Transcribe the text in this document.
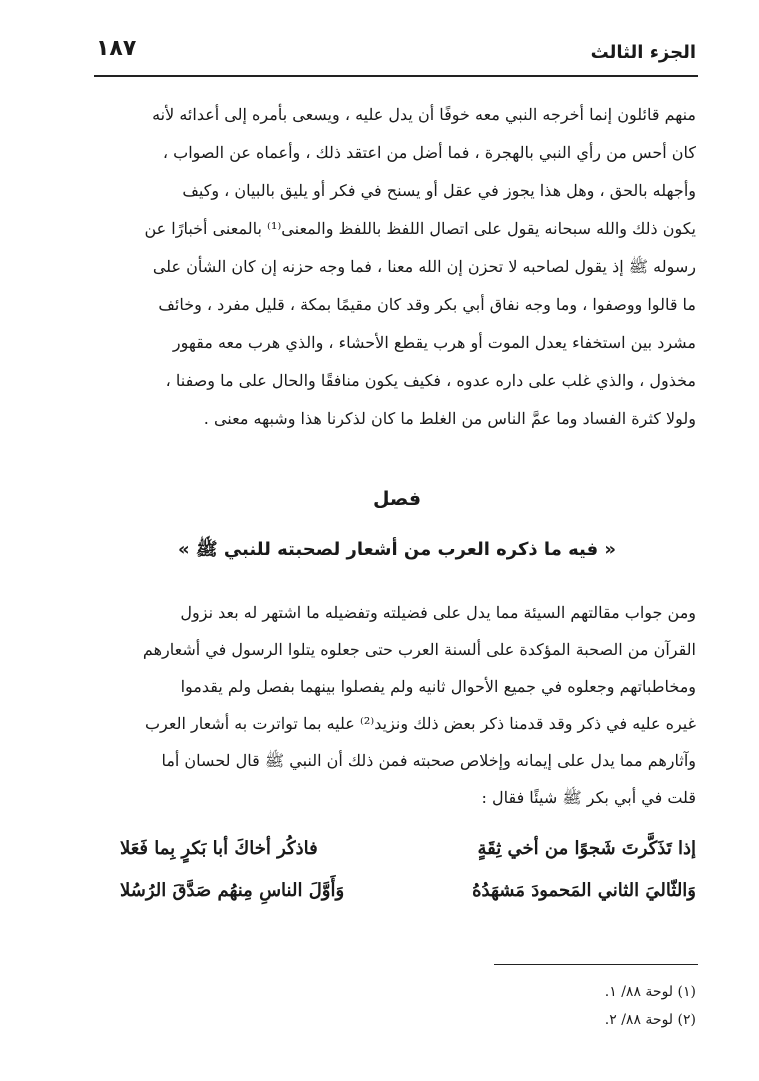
الجزء الثالث
١٨٧
منهم قائلون إنما أخرجه النبي معه خوفًا أن يدل عليه ، ويسعى بأمره إلى أعدائه لأنه
كان أحس من رأي النبي بالهجرة ، فما أضل من اعتقد ذلك ، وأعماه عن الصواب ،
وأجهله بالحق ، وهل هذا يجوز في عقل أو يسنح في فكر أو يليق بالبيان ، وكيف
يكون ذلك والله سبحانه يقول على اتصال اللفظ باللفظ والمعنى⁽¹⁾ بالمعنى أخبارًا عن
رسوله ﷺ إذ يقول لصاحبه لا تحزن إن الله معنا ، فما وجه حزنه إن كان الشأن على
ما قالوا ووصفوا ، وما وجه نفاق أبي بكر وقد كان مقيمًا بمكة ، قليل مفرد ، وخائف
مشرد بين استخفاء يعدل الموت أو هرب يقطع الأحشاء ، والذي هرب معه مقهور
مخذول ، والذي غلب على داره عدوه ، فكيف يكون منافقًا والحال على ما وصفنا ،
ولولا كثرة الفساد وما عمَّ الناس من الغلط ما كان لذكرنا هذا وشبهه معنى .
فصل
« فيه ما ذكره العرب من أشعار لصحبته للنبي ﷺ »
ومن جواب مقالتهم السيئة مما يدل على فضيلته وتفضيله ما اشتهر له بعد نزول
القرآن من الصحبة المؤكدة على ألسنة العرب حتى جعلوه يتلوا الرسول في أشعارهم
ومخاطباتهم وجعلوه في جميع الأحوال ثانيه ولم يفصلوا بينهما بفصل ولم يقدموا
غيره عليه في ذكر وقد قدمنا ذكر بعض ذلك ونزيد⁽²⁾ عليه بما تواترت به أشعار العرب
وآثارهم مما يدل على إيمانه وإخلاص صحبته فمن ذلك أن النبي ﷺ قال لحسان أما
قلت في أبي بكر ﷺ شيئًا فقال :
إذا تَذَكَّرتَ شَجوًا من أخي ثِقَةٍ
فاذكُر أخاكَ أبا بَكرٍ بِما فَعَلا
وَالثّاليَ الثاني المَحمودَ مَشهَدُهُ
وَأَوَّلَ الناسِ مِنهُم صَدَّقَ الرُسُلا
(١) لوحة ٨٨/ ١.
(٢) لوحة ٨٨/ ٢.
